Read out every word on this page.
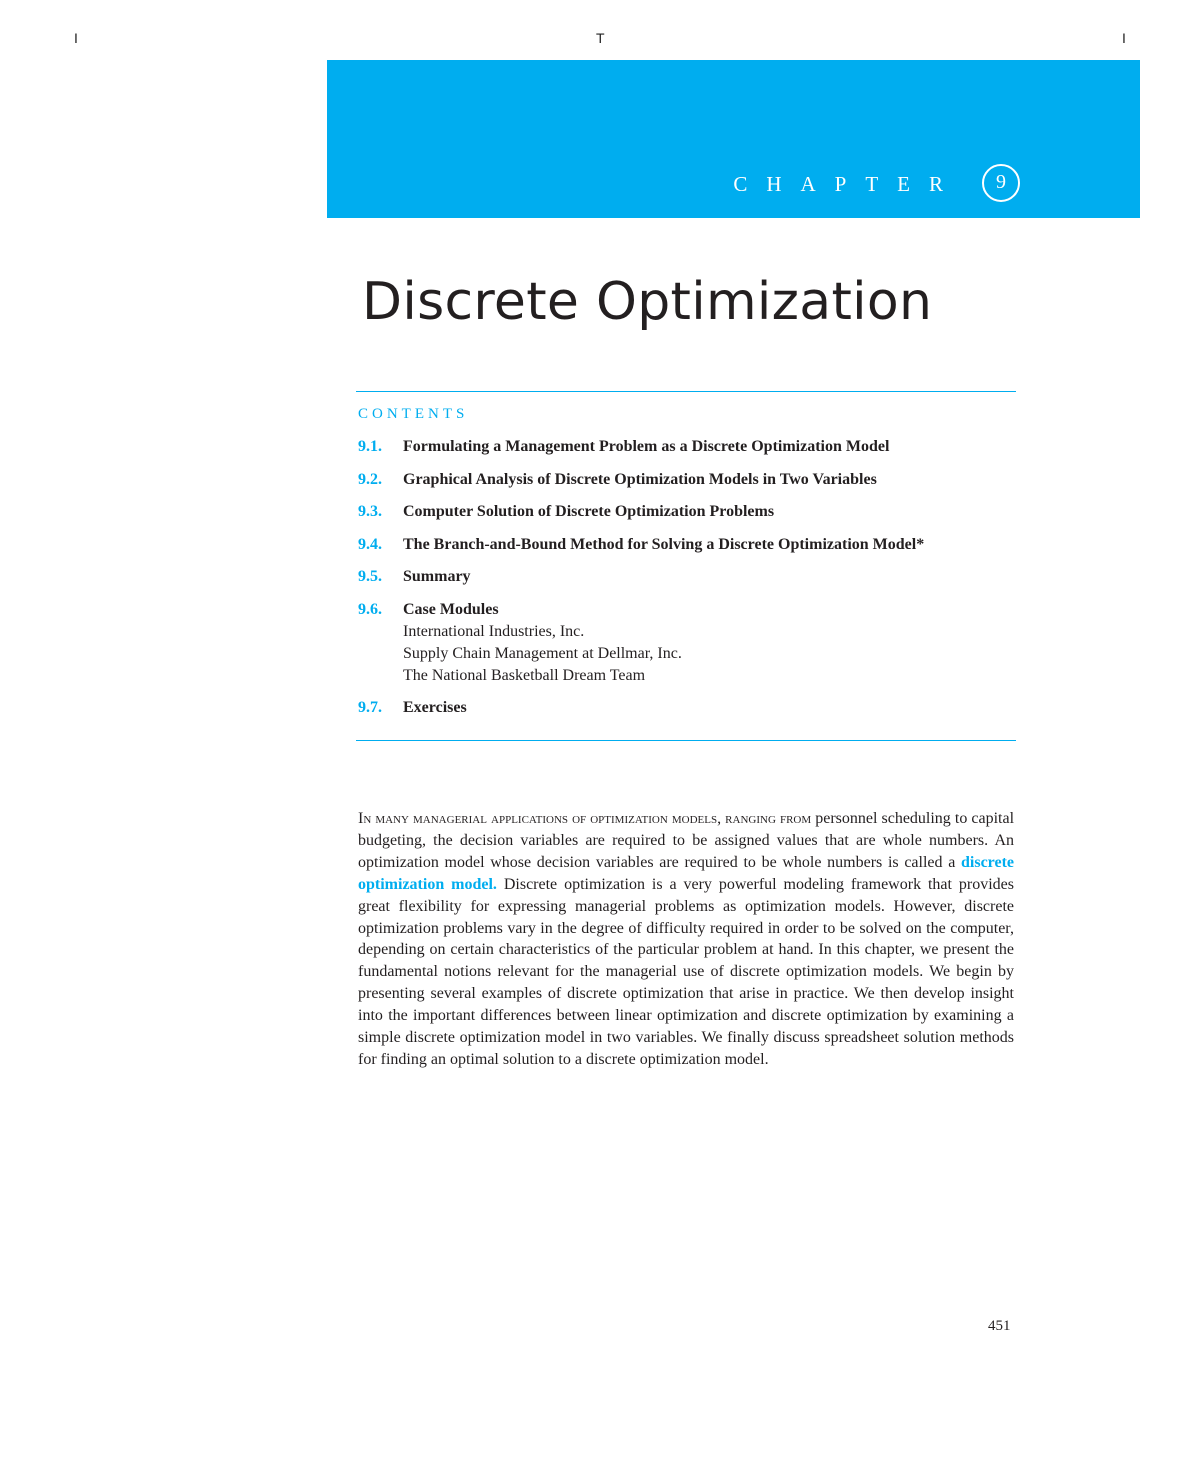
I	T	I
CHAPTER	9
Discrete Optimization
CONTENTS
9.1. Formulating a Management Problem as a Discrete Optimization Model
9.2. Graphical Analysis of Discrete Optimization Models in Two Variables
9.3. Computer Solution of Discrete Optimization Problems
9.4. The Branch-and-Bound Method for Solving a Discrete Optimization Model*
9.5. Summary
9.6. Case Modules
International Industries, Inc.
Supply Chain Management at Dellmar, Inc.
The National Basketball Dream Team
9.7. Exercises

In many managerial applications of optimization models, ranging from personnel scheduling to capital budgeting, the decision variables are required to be assigned values that are whole numbers. An optimization model whose decision variables are required to be whole numbers is called a discrete optimization model. Discrete optimization is a very powerful modeling framework that provides great flexibility for expressing managerial problems as optimization models. However, discrete optimization problems vary in the degree of difficulty required in order to be solved on the computer, depending on certain characteristics of the particular problem at hand. In this chapter, we present the fundamental notions relevant for the managerial use of discrete optimization models. We begin by presenting several examples of discrete optimization that arise in practice. We then develop insight into the important differences between linear optimization and discrete optimization by examining a simple discrete optimization model in two variables. We finally discuss spreadsheet solution methods for finding an optimal solution to a discrete optimization model.

451
